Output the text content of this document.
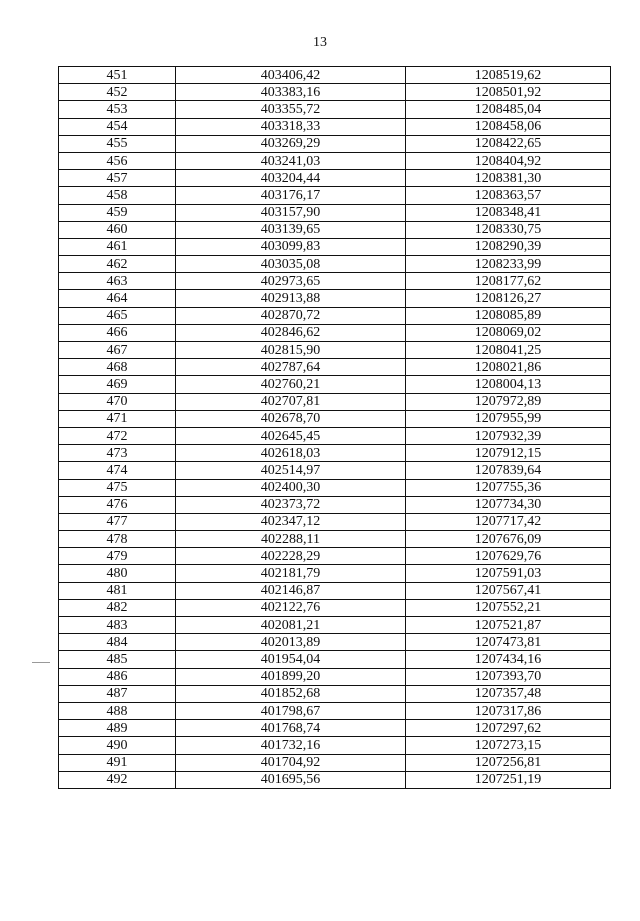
13
451	403406,42	1208519,62
452	403383,16	1208501,92
453	403355,72	1208485,04
454	403318,33	1208458,06
455	403269,29	1208422,65
456	403241,03	1208404,92
457	403204,44	1208381,30
458	403176,17	1208363,57
459	403157,90	1208348,41
460	403139,65	1208330,75
461	403099,83	1208290,39
462	403035,08	1208233,99
463	402973,65	1208177,62
464	402913,88	1208126,27
465	402870,72	1208085,89
466	402846,62	1208069,02
467	402815,90	1208041,25
468	402787,64	1208021,86
469	402760,21	1208004,13
470	402707,81	1207972,89
471	402678,70	1207955,99
472	402645,45	1207932,39
473	402618,03	1207912,15
474	402514,97	1207839,64
475	402400,30	1207755,36
476	402373,72	1207734,30
477	402347,12	1207717,42
478	402288,11	1207676,09
479	402228,29	1207629,76
480	402181,79	1207591,03
481	402146,87	1207567,41
482	402122,76	1207552,21
483	402081,21	1207521,87
484	402013,89	1207473,81
485	401954,04	1207434,16
486	401899,20	1207393,70
487	401852,68	1207357,48
488	401798,67	1207317,86
489	401768,74	1207297,62
490	401732,16	1207273,15
491	401704,92	1207256,81
492	401695,56	1207251,19
